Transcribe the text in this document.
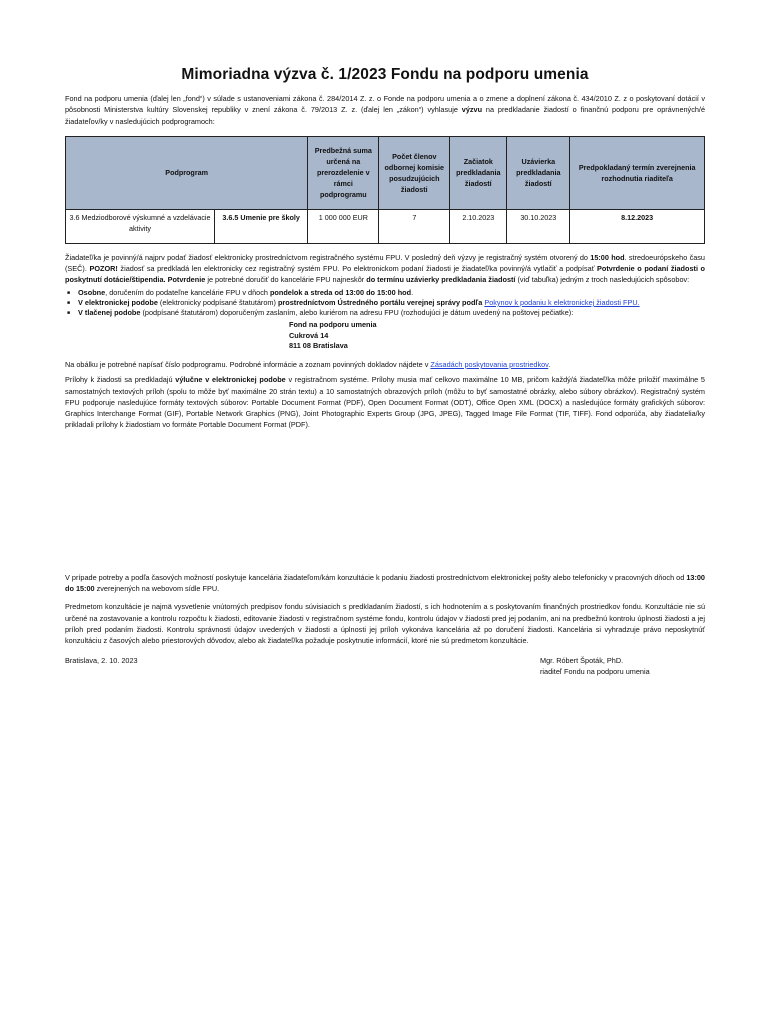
Mimoriadna výzva č. 1/2023 Fondu na podporu umenia

Fond na podporu umenia (ďalej len „fond“) v súlade s ustanoveniami zákona č. 284/2014 Z. z. o Fonde na podporu umenia a o zmene a doplnení zákona č. 434/2010 Z. z o poskytovaní dotácií v pôsobnosti Ministerstva kultúry Slovenskej republiky v znení zákona č. 79/2013 Z. z. (ďalej len „zákon“) vyhlasuje výzvu na predkladanie žiadostí o finančnú podporu pre oprávnených/é žiadateľov/ky v nasledujúcich podprogramoch:

Podprogram		Predbežná suma určená na prerozdelenie v rámci podprogramu	Počet členov odbornej komisie posudzujúcich žiadosti	Začiatok predkladania žiadostí	Uzávierka predkladania žiadostí	Predpokladaný termín zverejnenia rozhodnutia riaditeľa
3.6 Medziodborové výskumné a vzdelávacie aktivity	3.6.5 Umenie pre školy	1 000 000 EUR	7	2.10.2023	30.10.2023	8.12.2023

Žiadateľ/ka je povinný/á najprv podať žiadosť elektronicky prostredníctvom registračného systému FPU. V posledný deň výzvy je registračný systém otvorený do 15:00 hod. stredoeurópskeho času (SEČ). POZOR! žiadosť sa predkladá len elektronicky cez registračný systém FPU. Po elektronickom podaní žiadosti je žiadateľ/ka povinný/á vytlačiť a podpísať Potvrdenie o podaní žiadosti o poskytnutí dotácie/štipendia. Potvrdenie je potrebné doručiť do kancelárie FPU najneskôr do termínu uzávierky predkladania žiadostí (viď tabuľka) jedným z troch nasledujúcich spôsobov:

■ Osobne, doručením do podateľne kancelárie FPU v dňoch pondelok a streda od 13:00 do 15:00 hod.
■ V elektronickej podobe (elektronicky podpísané štatutárom) prostredníctvom Ústredného portálu verejnej správy podľa Pokynov k podaniu k elektronickej žiadosti FPU.
■ V tlačenej podobe (podpísané štatutárom) doporučeným zaslaním, alebo kuriérom na adresu FPU (rozhodujúci je dátum uvedený na poštovej pečiatke):
Fond na podporu umenia
Cukrová 14
811 08 Bratislava

Na obálku je potrebné napísať číslo podprogramu. Podrobné informácie a zoznam povinných dokladov nájdete v Zásadách poskytovania prostriedkov.

Prílohy k žiadosti sa predkladajú výlučne v elektronickej podobe v registračnom systéme. Prílohy musia mať celkovo maximálne 10 MB, pričom každý/á žiadateľ/ka môže priložiť maximálne 5 samostatných textových príloh (spolu to môže byť maximálne 20 strán textu) a 10 samostatných obrazových príloh (môžu to byť samostatné obrázky, alebo súbory obrázkov). Registračný systém FPU podporuje nasledujúce formáty textových súborov: Portable Document Format (PDF), Open Document Format (ODT), Office Open XML (DOCX) a nasledujúce formáty grafických súborov: Graphics Interchange Format (GIF), Portable Network Graphics (PNG), Joint Photographic Experts Group (JPG, JPEG), Tagged Image File Format (TIF, TIFF). Fond odporúča, aby žiadatelia/ky prikladali prílohy k žiadostiam vo formáte Portable Document Format (PDF).

V prípade potreby a podľa časových možností poskytuje kancelária žiadateľom/kám konzultácie k podaniu žiadosti prostredníctvom elektronickej pošty alebo telefonicky v pracovných dňoch od 13:00 do 15:00 zverejnených na webovom sídle FPU.

Predmetom konzultácie je najmä vysvetlenie vnútorných predpisov fondu súvisiacich s predkladaním žiadostí, s ich hodnotením a s poskytovaním finančných prostriedkov fondu. Konzultácie nie sú určené na zostavovanie a kontrolu rozpočtu k žiadosti, editovanie žiadosti v registračnom systéme fondu, kontrolu údajov v žiadosti pred jej podaním, ani na predbežnú kontrolu úplnosti žiadosti a jej príloh pred podaním žiadosti. Kontrolu správnosti údajov uvedených v žiadosti a úplnosti jej príloh vykonáva kancelária až po doručení žiadosti. Kancelária si vyhradzuje právo neposkytnúť konzultáciu z časových alebo priestorových dôvodov, alebo ak žiadateľ/ka požaduje poskytnutie informácií, ktoré nie sú predmetom konzultácie.

Bratislava, 2. 10. 2023	Mgr. Róbert Špoták, PhD.
riaditeľ Fondu na podporu umenia
